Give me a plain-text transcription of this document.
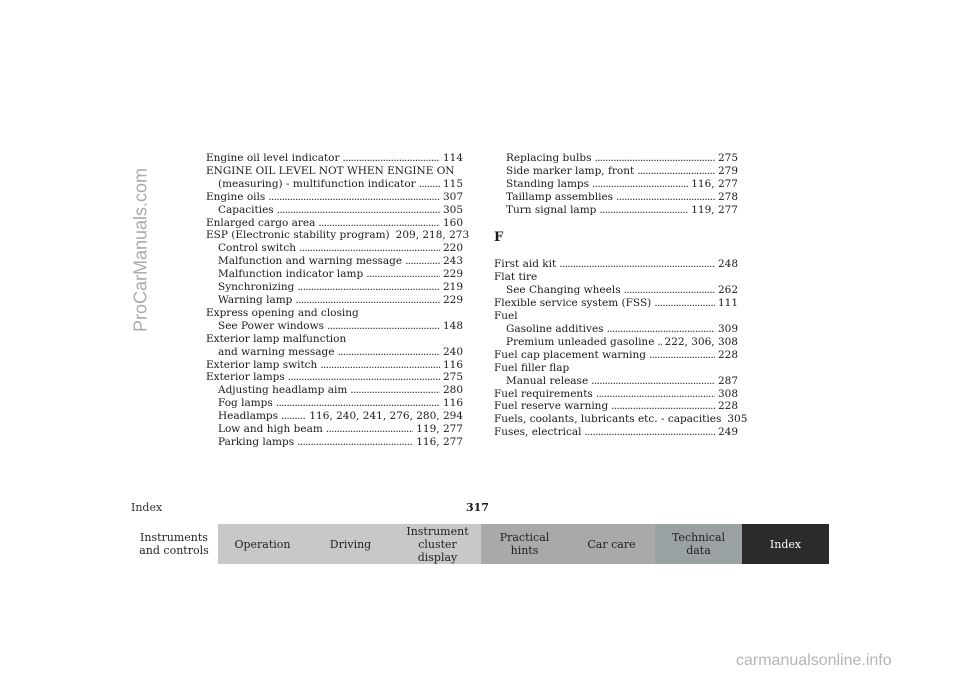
ProCarManuals.com
Engine oil level indicator . . .	114
ENGINE OIL LEVEL NOT WHEN ENGINE ON
(measuring) - multifunction indicator . . .	115
Engine oils . . .	307
Capacities . . .	305
Enlarged cargo area . . .	160
ESP (Electronic stability program) 209, 218, 273
Control switch . . .	220
Malfunction and warning message . . .	243
Malfunction indicator lamp . . .	229
Synchronizing . . .	219
Warning lamp . . .	229
Express opening and closing
See Power windows . . .	148
Exterior lamp malfunction
and warning message . . .	240
Exterior lamp switch . . .	116
Exterior lamps . . .	275
Adjusting headlamp aim . . .	280
Fog lamps . . .	116
Headlamps . . .	116, 240, 241, 276, 280, 294
Low and high beam . . .	119, 277
Parking lamps . . .	116, 277
Replacing bulbs . . .	275
Side marker lamp, front . . .	279
Standing lamps . . .	116, 277
Taillamp assemblies . . .	278
Turn signal lamp . . .	119, 277
F
First aid kit . . .	248
Flat tire
See Changing wheels . . .	262
Flexible service system (FSS) . . .	111
Fuel
Gasoline additives . . .	309
Premium unleaded gasoline . . . 222, 306, 308
Fuel cap placement warning . . .	228
Fuel filler flap
Manual release . . .	287
Fuel requirements . . .	308
Fuel reserve warning . . .	228
Fuels, coolants, lubricants etc. - capacities 305
Fuses, electrical . . .	249
Index	317
Instruments
and controls Operation	Driving
Instrument
cluster display
Practical hints	Car care	Technical
data	Index
carmanualsonline.info
